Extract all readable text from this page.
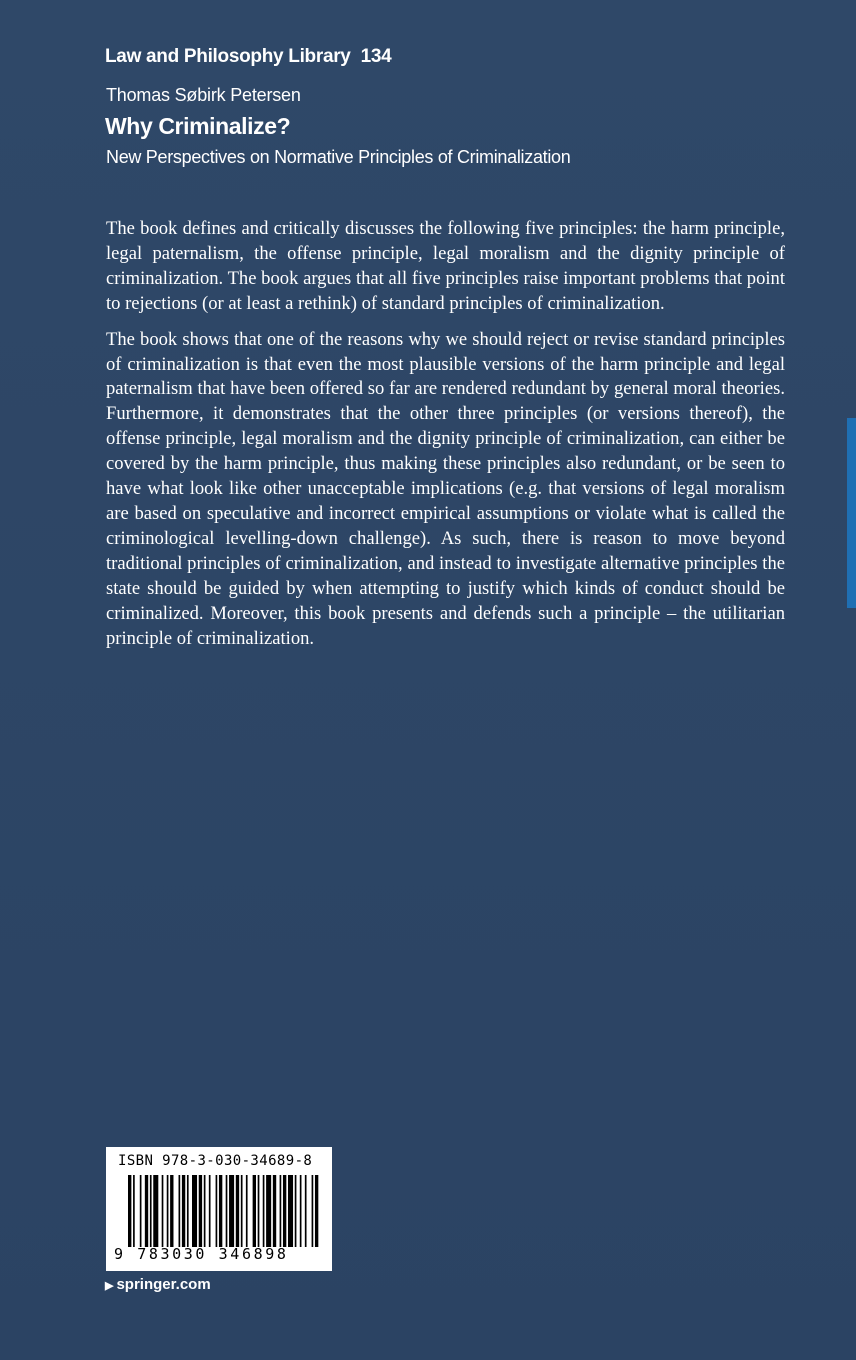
Law and Philosophy Library 134
Thomas Søbirk Petersen
Why Criminalize?
New Perspectives on Normative Principles of Criminalization

The book defines and critically discusses the following five principles: the harm principle, legal paternalism, the offense principle, legal moralism and the dignity principle of criminalization. The book argues that all five principles raise important problems that point to rejections (or at least a rethink) of standard principles of criminalization.

The book shows that one of the reasons why we should reject or revise standard principles of criminalization is that even the most plausible versions of the harm principle and legal paternalism that have been offered so far are rendered redundant by general moral theories. Furthermore, it demonstrates that the other three principles (or versions thereof), the offense principle, legal moralism and the dignity principle of criminalization, can either be covered by the harm principle, thus making these principles also redundant, or be seen to have what look like other unacceptable implications (e.g. that versions of legal moralism are based on speculative and incorrect empirical assumptions or violate what is called the criminological levelling-down challenge). As such, there is reason to move beyond traditional principles of criminalization, and instead to investigate alternative principles the state should be guided by when attempting to justify which kinds of conduct should be criminalized. Moreover, this book presents and defends such a principle – the utilitarian principle of criminalization.

ISBN 978-3-030-34689-8
9 783030 346898
▶ springer.com
